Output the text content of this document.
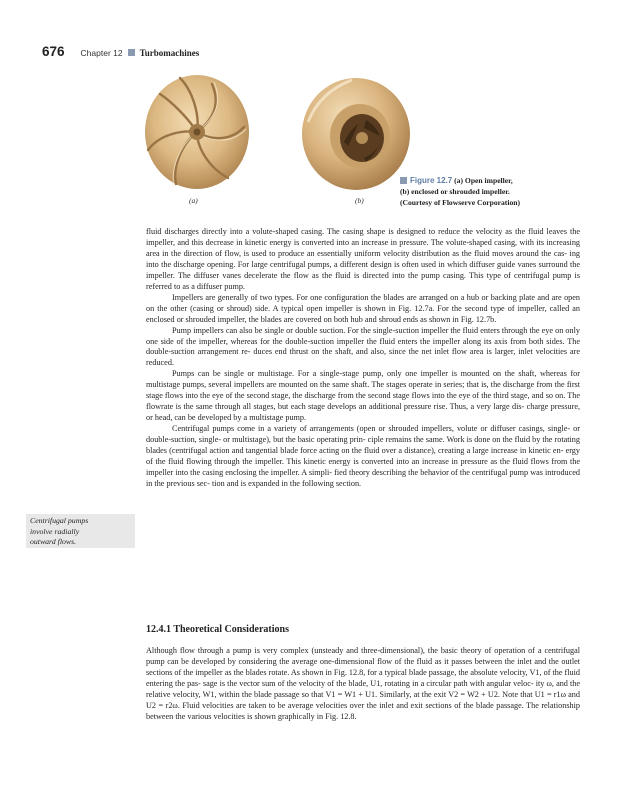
676 Chapter 12 Turbomachines
(a)	(b)
Figure 12.7 (a) Open impeller,
(b) enclosed or shrouded impeller.
(Courtesy of Flowserve Corporation)

fluid discharges directly into a volute-shaped casing. The casing shape is designed to reduce the velocity as the fluid leaves the impeller, and this decrease in kinetic energy is converted into an increase in pressure. The volute-shaped casing, with its increasing area in the direction of flow, is used to produce an essentially uniform velocity distribution as the fluid moves around the cas- ing into the discharge opening. For large centrifugal pumps, a different design is often used in which diffuser guide vanes surround the impeller. The diffuser vanes decelerate the flow as the fluid is directed into the pump casing. This type of centrifugal pump is referred to as a diffuser pump.

Impellers are generally of two types. For one configuration the blades are arranged on a hub or backing plate and are open on the other (casing or shroud) side. A typical open impeller is shown in Fig. 12.7a. For the second type of impeller, called an enclosed or shrouded impeller, the blades are covered on both hub and shroud ends as shown in Fig. 12.7b.

Pump impellers can also be single or double suction. For the single-suction impeller the fluid enters through the eye on only one side of the impeller, whereas for the double-suction impeller the fluid enters the impeller along its axis from both sides. The double-suction arrangement re- duces end thrust on the shaft, and also, since the net inlet flow area is larger, inlet velocities are reduced.

Pumps can be single or multistage. For a single-stage pump, only one impeller is mounted on the shaft, whereas for multistage pumps, several impellers are mounted on the same shaft. The stages operate in series; that is, the discharge from the first stage flows into the eye of the second stage, the discharge from the second stage flows into the eye of the third stage, and so on. The flowrate is the same through all stages, but each stage develops an additional pressure rise. Thus, a very large dis- charge pressure, or head, can be developed by a multistage pump.

Centrifugal pumps come in a variety of arrangements (open or shrouded impellers, volute or diffuser casings, single- or double-suction, single- or multistage), but the basic operating prin- ciple remains the same. Work is done on the fluid by the rotating blades (centrifugal action and tangential blade force acting on the fluid over a distance), creating a large increase in kinetic en- ergy of the fluid flowing through the impeller. This kinetic energy is converted into an increase in pressure as the fluid flows from the impeller into the casing enclosing the impeller. A simpli- fied theory describing the behavior of the centrifugal pump was introduced in the previous sec- tion and is expanded in the following section.

Centrifugal pumps
involve radially
outward flows.
12.4.1 Theoretical Considerations

Although flow through a pump is very complex (unsteady and three-dimensional), the basic theory of operation of a centrifugal pump can be developed by considering the average one-dimensional flow of the fluid as it passes between the inlet and the outlet sections of the impeller as the blades rotate. As shown in Fig. 12.8, for a typical blade passage, the absolute velocity, V1, of the fluid entering the pas- sage is the vector sum of the velocity of the blade, U1, rotating in a circular path with angular veloc- ity ω, and the relative velocity, W1, within the blade passage so that V1 = W1 + U1. Similarly, at the exit V2 = W2 + U2. Note that U1 = r1ω and U2 = r2ω. Fluid velocities are taken to be average velocities over the inlet and exit sections of the blade passage. The relationship between the various velocities is shown graphically in Fig. 12.8.
